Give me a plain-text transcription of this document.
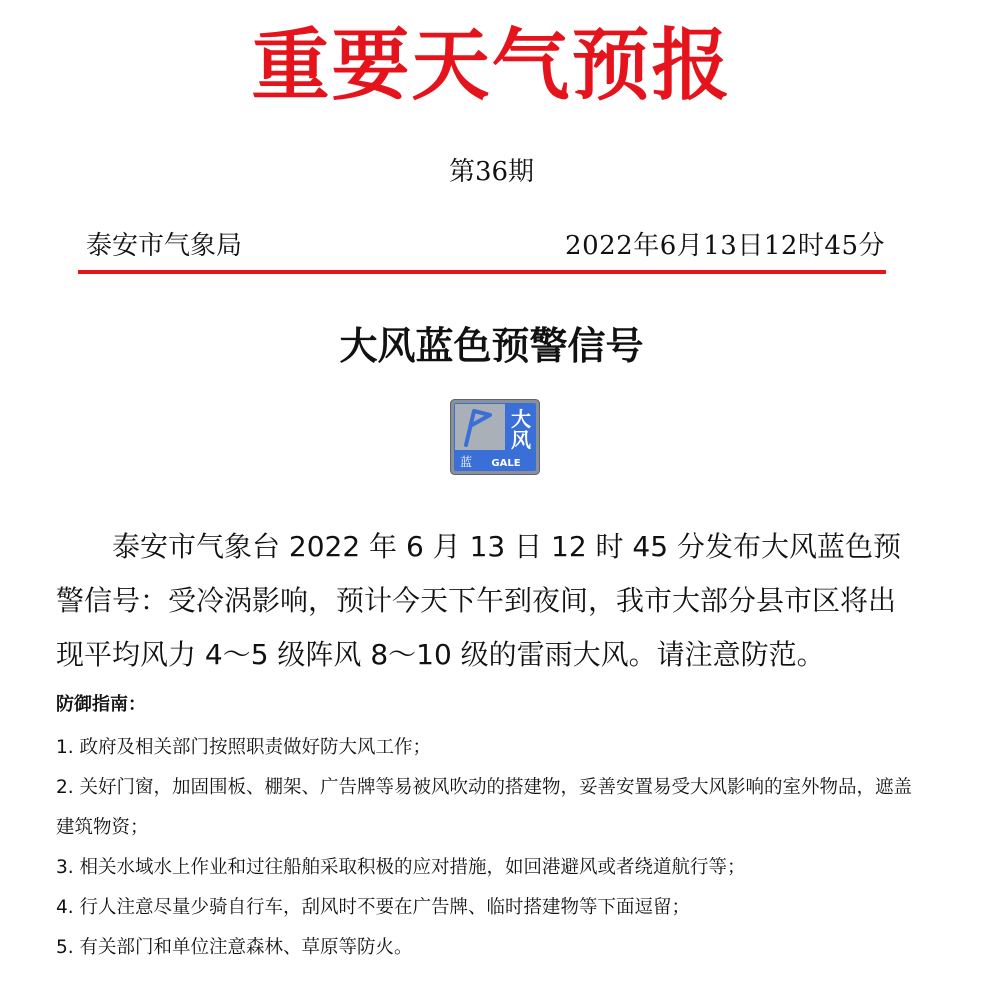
重要天气预报
第36期
泰安市气象局	2022年6月13日12时45分
大风蓝色预警信号
大
风
蓝 GALE

泰安市气象台 2022 年 6 月 13 日 12 时 45 分发布大风蓝色预警信号：受冷涡影响，预计今天下午到夜间，我市大部分县市区将出现平均风力 4～5 级阵风 8～10 级的雷雨大风。请注意防范。

防御指南：
1. 政府及相关部门按照职责做好防大风工作；
2. 关好门窗，加固围板、棚架、广告牌等易被风吹动的搭建物，妥善安置易受大风影响的室外物品，遮盖建筑物资；
3. 相关水域水上作业和过往船舶采取积极的应对措施，如回港避风或者绕道航行等；
4. 行人注意尽量少骑自行车，刮风时不要在广告牌、临时搭建物等下面逗留；
5. 有关部门和单位注意森林、草原等防火。
